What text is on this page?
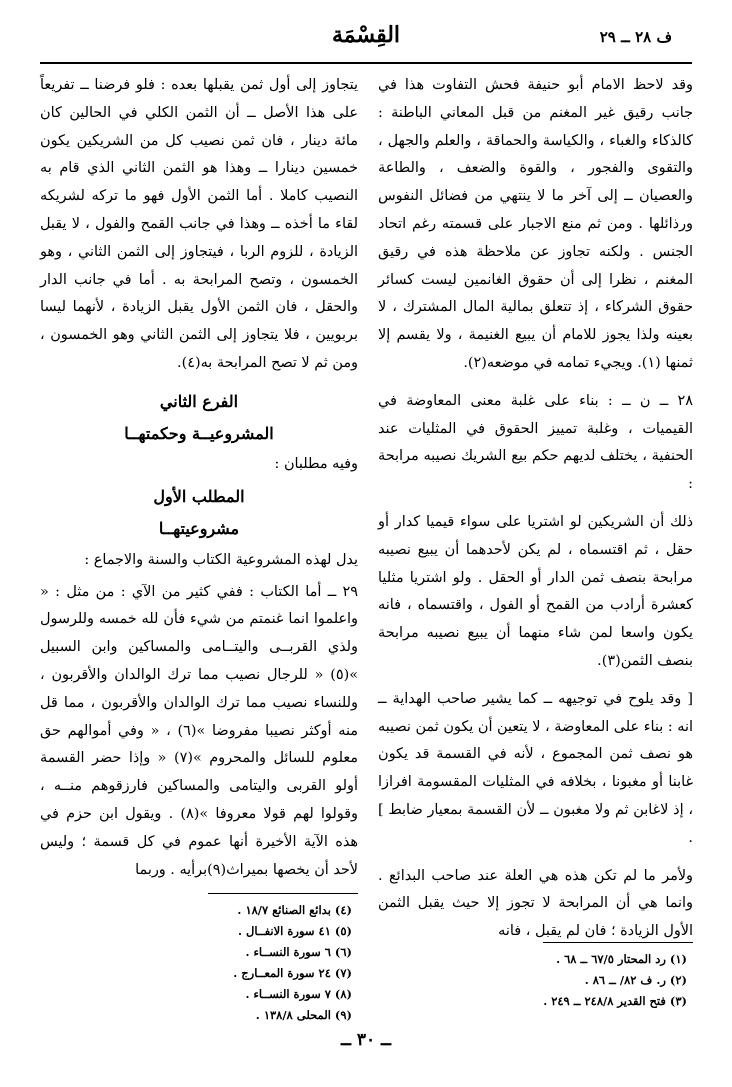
ف ٢٨ ــ ٢٩
القِسْمَة

وقد لاحظ الامام أبو حنيفة فحش التفاوت هذا في جانب رقيق غير المغنم من قبل المعاني الباطنة : كالذكاء والغباء ، والكياسة والحماقة ، والعلم والجهل ، والتقوى والفجور ، والقوة والضعف ، والطاعة والعصيان ــ إلى آخر ما لا ينتهي من فضائل النفوس ورذائلها . ومن ثم منع الاجبار على قسمته رغم اتحاد الجنس . ولكنه تجاوز عن ملاحظة هذه في رقيق المغنم ، نظرا إلى أن حقوق الغانمين ليست كسائر حقوق الشركاء ، إذ تتعلق بمالية المال المشترك ، لا بعينه ولذا يجوز للامام أن يبيع الغنيمة ، ولا يقسم إلا ثمنها (١). ويجيء تمامه في موضعه(٢).

٢٨ ــ ن ــ : بناء على غلبة معنى المعاوضة في القيميات ، وغلبة تمييز الحقوق في المثليات عند الحنفية ، يختلف لديهم حكم بيع الشريك نصيبه مرابحة :

ذلك أن الشريكين لو اشتريا على سواء قيميا كدار أو حقل ، ثم اقتسماه ، لم يكن لأحدهما أن يبيع نصيبه مرابحة بنصف ثمن الدار أو الحقل . ولو اشتريا مثليا كعشرة أرادب من القمح أو الفول ، واقتسماه ، فانه يكون واسعا لمن شاء منهما أن يبيع نصيبه مرابحة بنصف الثمن(٣).

[ وقد يلوح في توجيهه ــ كما يشير صاحب الهداية ــ انه : بناء على المعاوضة ، لا يتعين أن يكون ثمن نصيبه هو نصف ثمن المجموع ، لأنه في القسمة قد يكون غابنا أو مغبونا ، بخلافه في المثليات المقسومة افرازا ، إذ لاغابن ثم ولا مغبون ــ لأن القسمة بمعيار ضابط ] .

ولأمر ما لم تكن هذه هي العلة عند صاحب البدائع . وانما هي أن المرابحة لا تجوز إلا حيث يقبل الثمن الأول الزيادة ؛ فان لم يقبل ، فانه

(١) رد المحتار ٦٧/٥ ــ ٦٨ .
(٢) ر. ف ٨٢/ ــ ٨٦ .
(٣) فتح القدير ٢٤٨/٨ ــ ٢٤٩ .

يتجاوز إلى أول ثمن يقبلها بعده : فلو فرضنا ــ تفريعاً على هذا الأصل ــ أن الثمن الكلي في الحالين كان مائة دينار ، فان ثمن نصيب كل من الشريكين يكون خمسين دينارا ــ وهذا هو الثمن الثاني الذي قام به النصيب كاملا . أما الثمن الأول فهو ما تركه لشريكه لقاء ما أخذه ــ وهذا في جانب القمح والفول ، لا يقبل الزيادة ، للزوم الربا ، فيتجاوز إلى الثمن الثاني ، وهو الخمسون ، وتصح المرابحة به . أما في جانب الدار والحقل ، فان الثمن الأول يقبل الزيادة ، لأنهما ليسا بربويين ، فلا يتجاوز إلى الثمن الثاني وهو الخمسون ، ومن ثم لا تصح المرابحة به(٤).

الفرع الثاني
المشروعيــة وحكمتهــا

وفيه مطلبان :

المطلب الأول
مشروعيتهــا

يدل لهذه المشروعية الكتاب والسنة والاجماع :

٢٩ ــ أما الكتاب : ففي كثير من الآي : من مثل : « واعلموا انما غنمتم من شيء فأن لله خمسه وللرسول ولذي القربــى واليتــامى والمساكين وابن السبيل »(٥) « للرجال نصيب مما ترك الوالدان والأقربون ، وللنساء نصيب مما ترك الوالدان والأقربون ، مما قل منه أوكثر نصيبا مفروضا »(٦) ، « وفي أموالهم حق معلوم للسائل والمحروم »(٧) « وإذا حضر القسمة أولو القربى واليتامى والمساكين فارزقوهم منــه ، وقولوا لهم قولا معروفا »(٨) . ويقول ابن حزم في هذه الآية الأخيرة أنها عموم في كل قسمة ؛ وليس لأحد أن يخصها بميراث(٩)برأيه . وربما

(٤) بدائع الصنائع ١٨/٧ .
(٥) ٤١ سورة الانفــال .
(٦) ٦ سورة النســاء .
(٧) ٢٤ سورة المعــارج .
(٨) ٧ سورة النســاء .
(٩) المحلى ١٣٨/٨ .
ــ ٣٠ ــ
